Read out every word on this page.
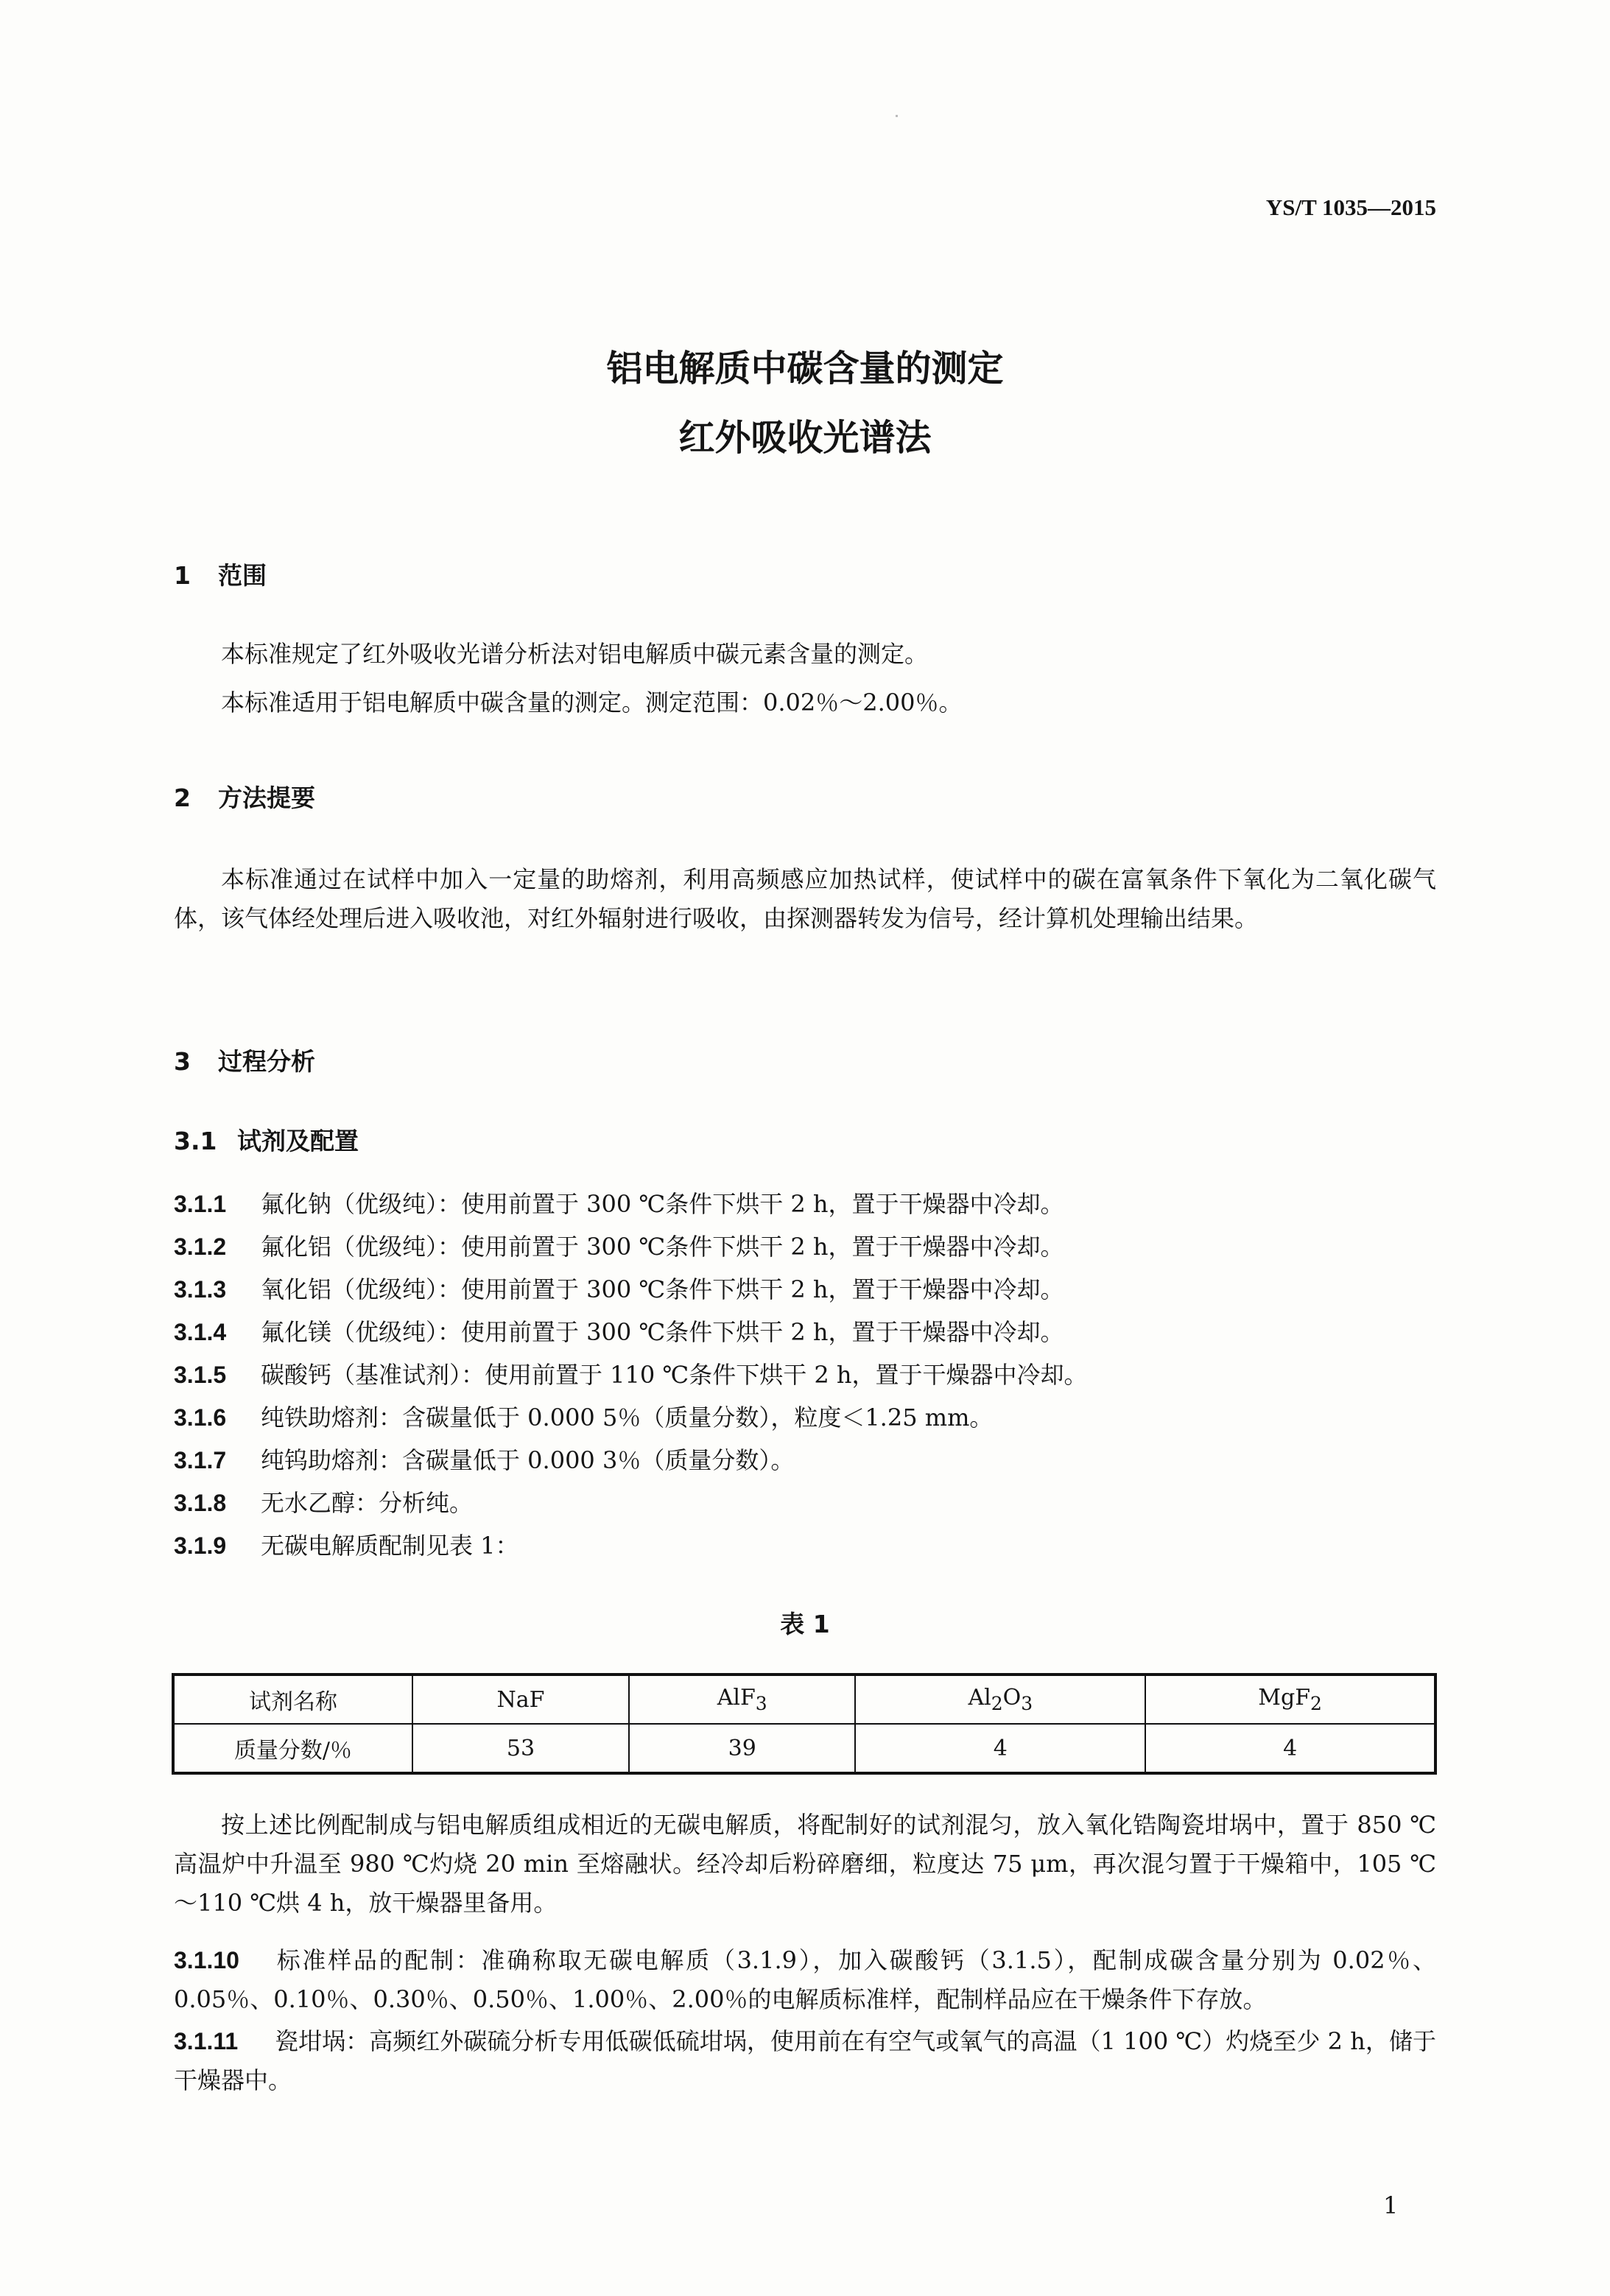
YS/T 1035—2015
铝电解质中碳含量的测定
红外吸收光谱法
1 范围
本标准规定了红外吸收光谱分析法对铝电解质中碳元素含量的测定。
本标准适用于铝电解质中碳含量的测定。测定范围：0.02％～2.00％。
2 方法提要
本标准通过在试样中加入一定量的助熔剂，利用高频感应加热试样，使试样中的碳在富氧条件下氧化为二氧化碳气体，该气体经处理后进入吸收池，对红外辐射进行吸收，由探测器转发为信号，经计算机处理输出结果。
3 过程分析
3.1 试剂及配置
3.1.1 氟化钠（优级纯）：使用前置于 300 ℃条件下烘干 2 h，置于干燥器中冷却。
3.1.2 氟化铝（优级纯）：使用前置于 300 ℃条件下烘干 2 h，置于干燥器中冷却。
3.1.3 氧化铝（优级纯）：使用前置于 300 ℃条件下烘干 2 h，置于干燥器中冷却。
3.1.4 氟化镁（优级纯）：使用前置于 300 ℃条件下烘干 2 h，置于干燥器中冷却。
3.1.5 碳酸钙（基准试剂）：使用前置于 110 ℃条件下烘干 2 h，置于干燥器中冷却。
3.1.6 纯铁助熔剂：含碳量低于 0.000 5％（质量分数），粒度＜1.25 mm。
3.1.7 纯钨助熔剂：含碳量低于 0.000 3％（质量分数）。
3.1.8 无水乙醇：分析纯。
3.1.9 无碳电解质配制见表 1：
表 1
试剂名称	NaF	AlF$_3$	$Al_2O_3$	MgF$_2$
质量分数/％	53	39	4	4
按上述比例配制成与铝电解质组成相近的无碳电解质，将配制好的试剂混匀，放入氧化锆陶瓷坩埚中，置于 850 ℃高温炉中升温至 980 ℃灼烧 20 min 至熔融状。经冷却后粉碎磨细，粒度达 75 μm，再次混匀置于干燥箱中，105 ℃～110 ℃烘 4 h，放干燥器里备用。
3.1.10 标准样品的配制：准确称取无碳电解质（3.1.9），加入碳酸钙（3.1.5），配制成碳含量分别为 0.02％、0.05％、0.10％、0.30％、0.50％、1.00％、2.00％的电解质标准样，配制样品应在干燥条件下存放。
3.1.11 瓷坩埚：高频红外碳硫分析专用低碳低硫坩埚，使用前在有空气或氧气的高温（1 100 ℃）灼烧至少 2 h，储于干燥器中。
1
